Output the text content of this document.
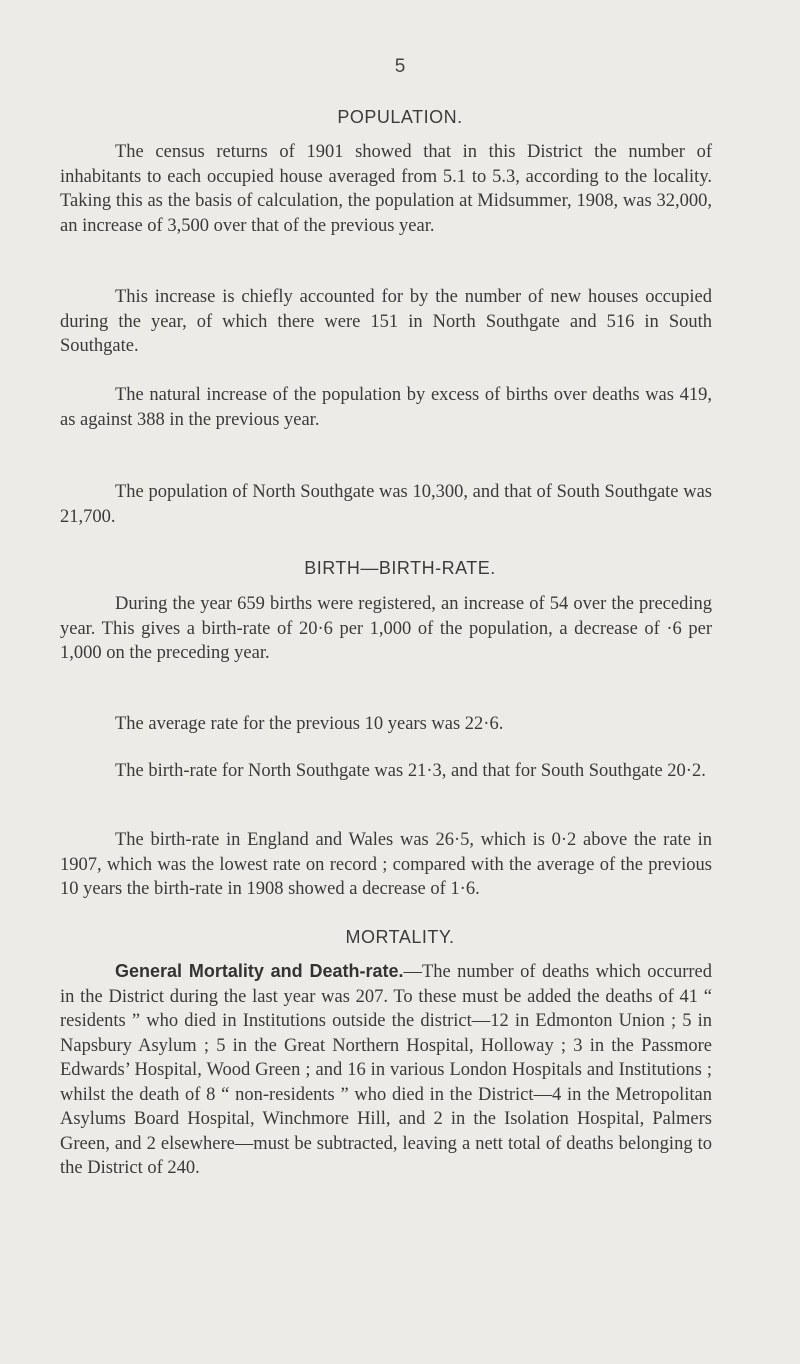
5
POPULATION.

The census returns of 1901 showed that in this District the number of inhabitants to each occupied house averaged from 5.1 to 5.3, according to the locality. Taking this as the basis of calculation, the population at Midsummer, 1908, was 32,000, an increase of 3,500 over that of the previous year.

This increase is chiefly accounted for by the number of new houses occupied during the year, of which there were 151 in North Southgate and 516 in South Southgate.

The natural increase of the population by excess of births over deaths was 419, as against 388 in the previous year.

The population of North Southgate was 10,300, and that of South Southgate was 21,700.

BIRTH—BIRTH-RATE.

During the year 659 births were registered, an increase of 54 over the preceding year. This gives a birth-rate of 20·6 per 1,000 of the population, a decrease of ·6 per 1,000 on the preceding year.

The average rate for the previous 10 years was 22·6.

The birth-rate for North Southgate was 21·3, and that for South Southgate 20·2.

The birth-rate in England and Wales was 26·5, which is 0·2 above the rate in 1907, which was the lowest rate on record ; compared with the average of the previous 10 years the birth-rate in 1908 showed a decrease of 1·6.

MORTALITY.

General Mortality and Death-rate.—The number of deaths which occurred in the District during the last year was 207. To these must be added the deaths of 41 “ residents ” who died in Institutions outside the district—12 in Edmonton Union ; 5 in Napsbury Asylum ; 5 in the Great Northern Hospital, Holloway ; 3 in the Passmore Edwards’ Hospital, Wood Green ; and 16 in various London Hospitals and Institutions ; whilst the death of 8 “ non-residents ” who died in the District—4 in the Metropolitan Asylums Board Hospital, Winchmore Hill, and 2 in the Isolation Hospital, Palmers Green, and 2 elsewhere—must be subtracted, leaving a nett total of deaths belonging to the District of 240.
